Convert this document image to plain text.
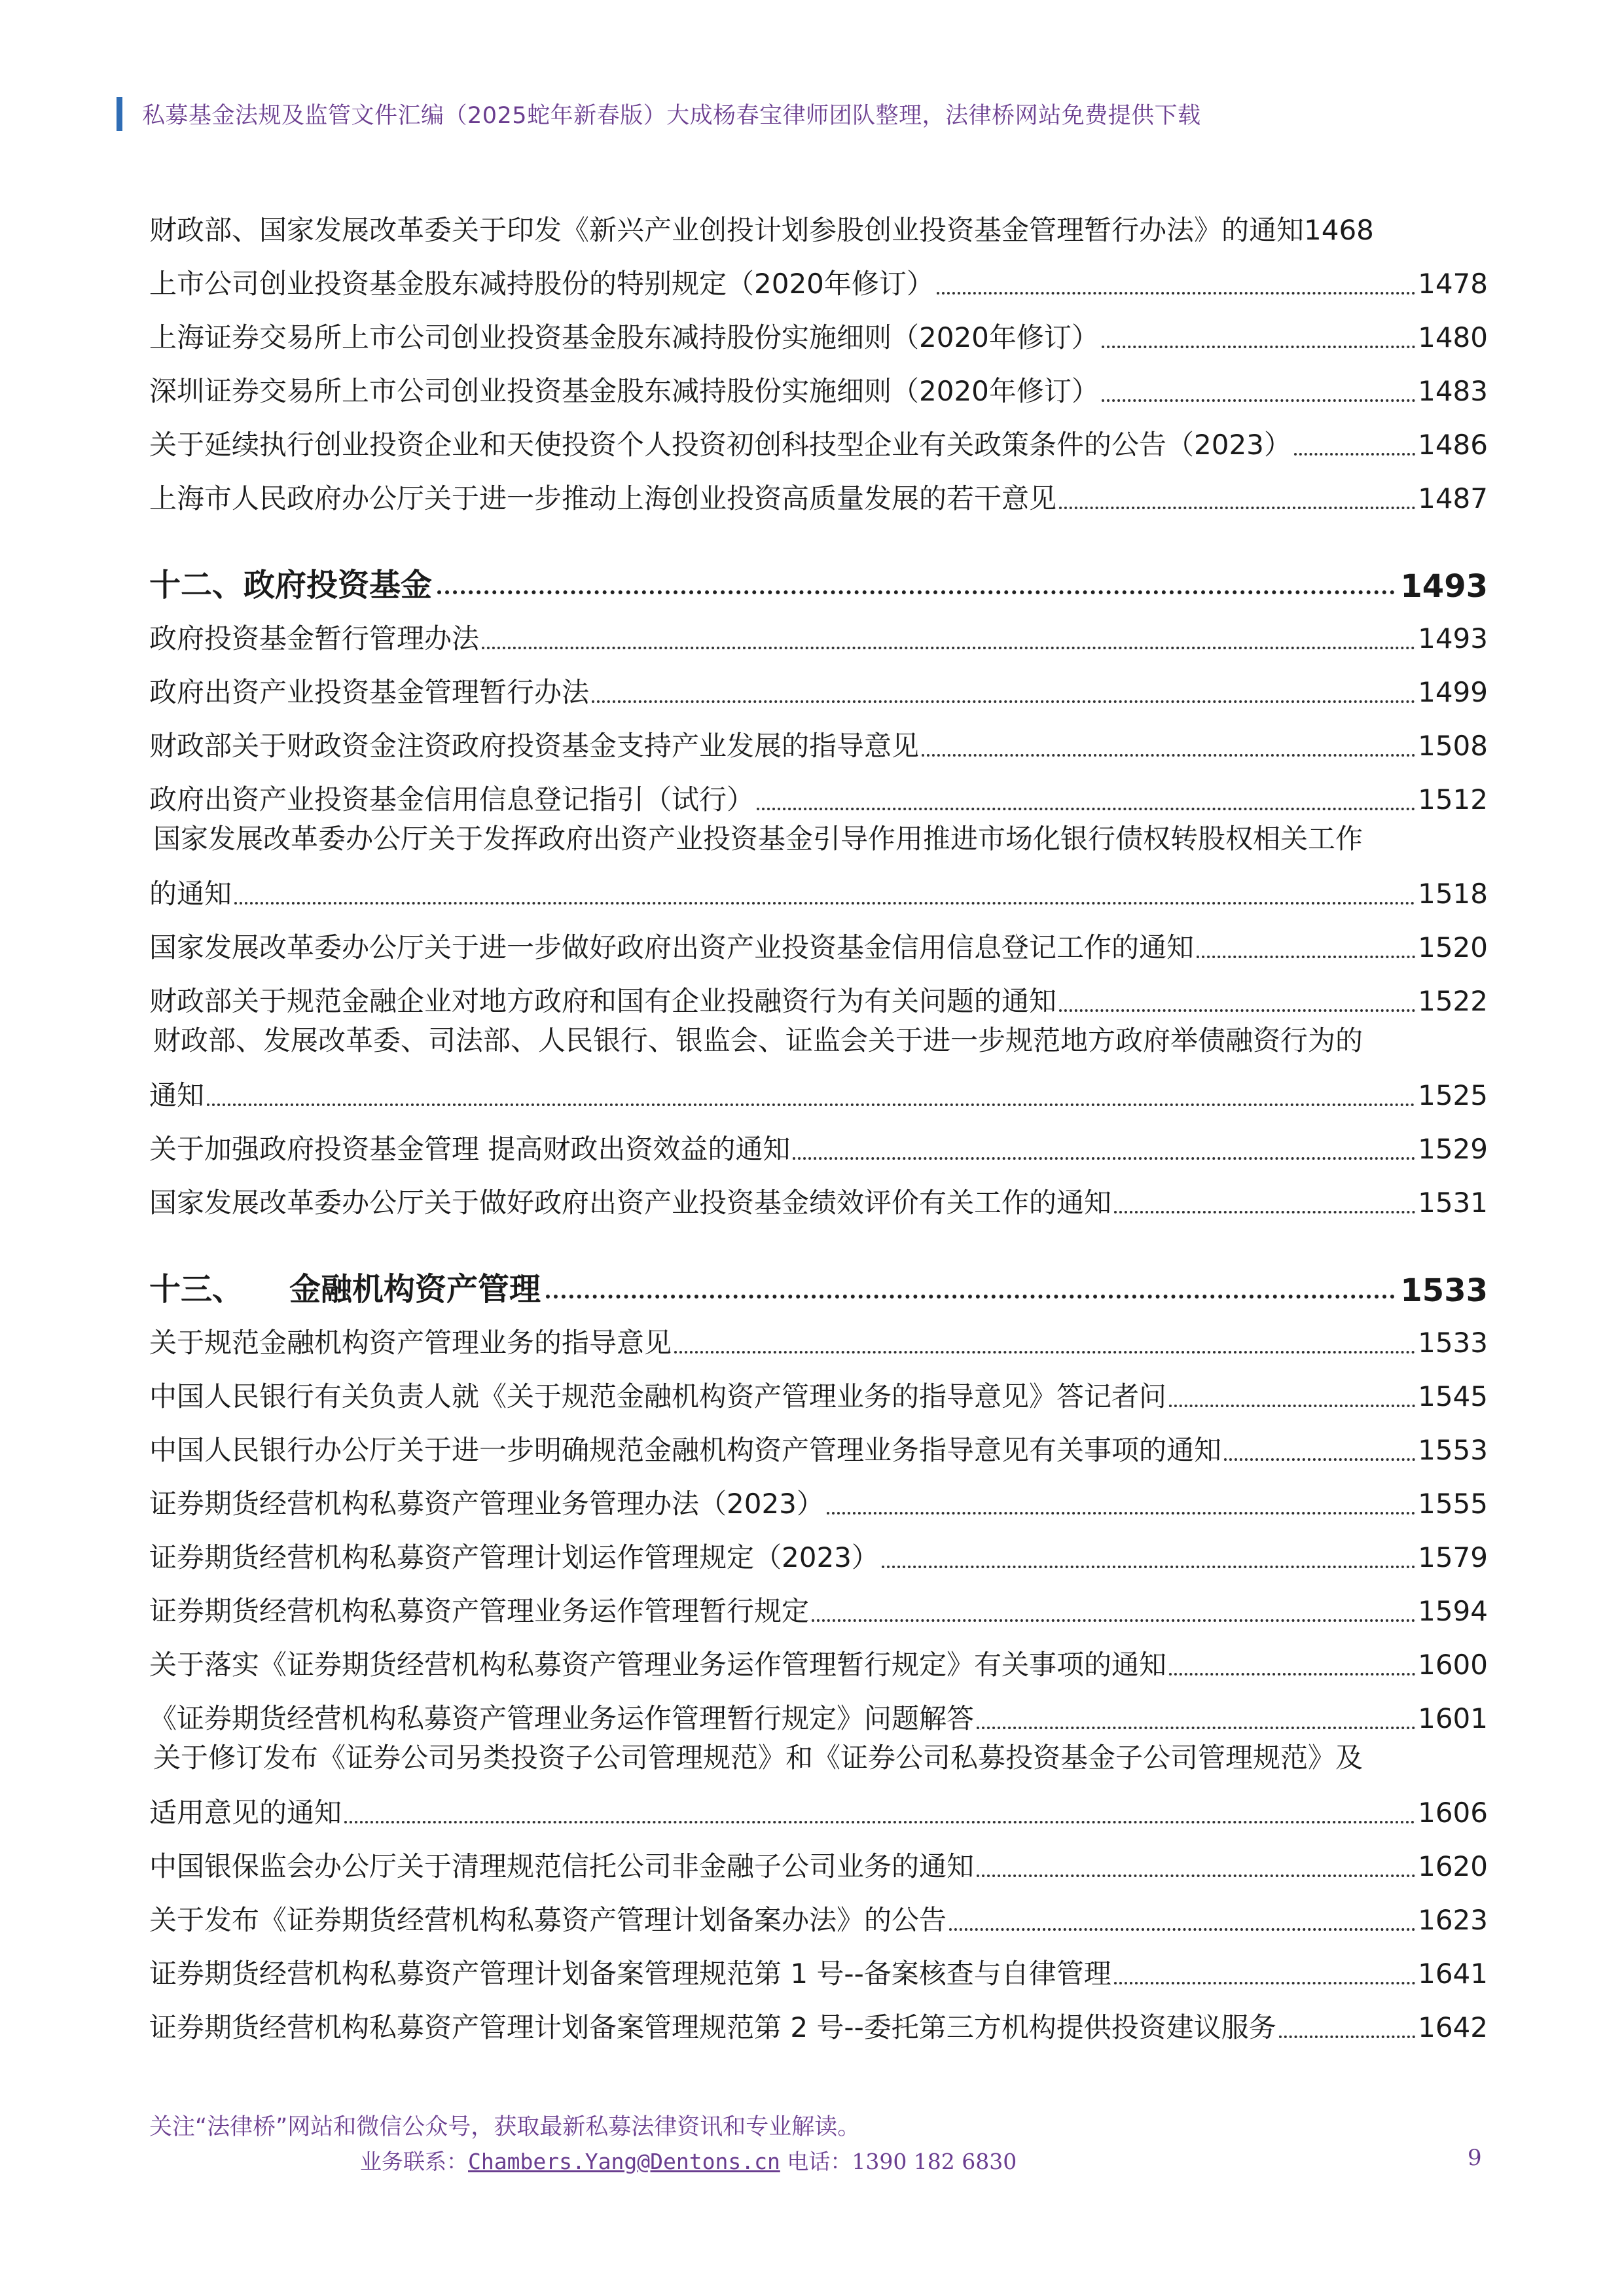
私募基金法规及监管文件汇编（2025蛇年新春版）大成杨春宝律师团队整理，法律桥网站免费提供下载
财政部、国家发展改革委关于印发《新兴产业创投计划参股创业投资基金管理暂行办法》的通知 1468
上市公司创业投资基金股东减持股份的特别规定（2020年修订）	1478
上海证券交易所上市公司创业投资基金股东减持股份实施细则（2020年修订）	1480
深圳证券交易所上市公司创业投资基金股东减持股份实施细则（2020年修订）	1483
关于延续执行创业投资企业和天使投资个人投资初创科技型企业有关政策条件的公告（2023）	1486
上海市人民政府办公厅关于进一步推动上海创业投资高质量发展的若干意见	1487
十二、 政府投资基金	1493
政府投资基金暂行管理办法	1493
政府出资产业投资基金管理暂行办法	1499
财政部关于财政资金注资政府投资基金支持产业发展的指导意见	1508
政府出资产业投资基金信用信息登记指引（试行）	1512
国家发展改革委办公厅关于发挥政府出资产业投资基金引导作用推进市场化银行债权转股权相关工作
的通知	1518
国家发展改革委办公厅关于进一步做好政府出资产业投资基金信用信息登记工作的通知	1520
财政部关于规范金融企业对地方政府和国有企业投融资行为有关问题的通知	1522
财政部、发展改革委、司法部、人民银行、银监会、证监会关于进一步规范地方政府举债融资行为的
通知	1525
关于加强政府投资基金管理 提高财政出资效益的通知	1529
国家发展改革委办公厅关于做好政府出资产业投资基金绩效评价有关工作的通知	1531
十三、 金融机构资产管理	1533
关于规范金融机构资产管理业务的指导意见	1533
中国人民银行有关负责人就《关于规范金融机构资产管理业务的指导意见》答记者问	1545
中国人民银行办公厅关于进一步明确规范金融机构资产管理业务指导意见有关事项的通知	1553
证券期货经营机构私募资产管理业务管理办法（2023）	1555
证券期货经营机构私募资产管理计划运作管理规定（2023）	1579
证券期货经营机构私募资产管理业务运作管理暂行规定	1594
关于落实《证券期货经营机构私募资产管理业务运作管理暂行规定》有关事项的通知	1600
《证券期货经营机构私募资产管理业务运作管理暂行规定》问题解答	1601
关于修订发布《证券公司另类投资子公司管理规范》和《证券公司私募投资基金子公司管理规范》及
适用意见的通知	1606
中国银保监会办公厅关于清理规范信托公司非金融子公司业务的通知	1620
关于发布《证券期货经营机构私募资产管理计划备案办法》的公告	1623
证券期货经营机构私募资产管理计划备案管理规范第 1 号--备案核查与自律管理	1641
证券期货经营机构私募资产管理计划备案管理规范第 2 号--委托第三方机构提供投资建议服务	1642
关注“法律桥”网站和微信公众号，获取最新私募法律资讯和专业解读。
业务联系：Chambers.Yang@Dentons.cn 电话：1390 182 6830	9
